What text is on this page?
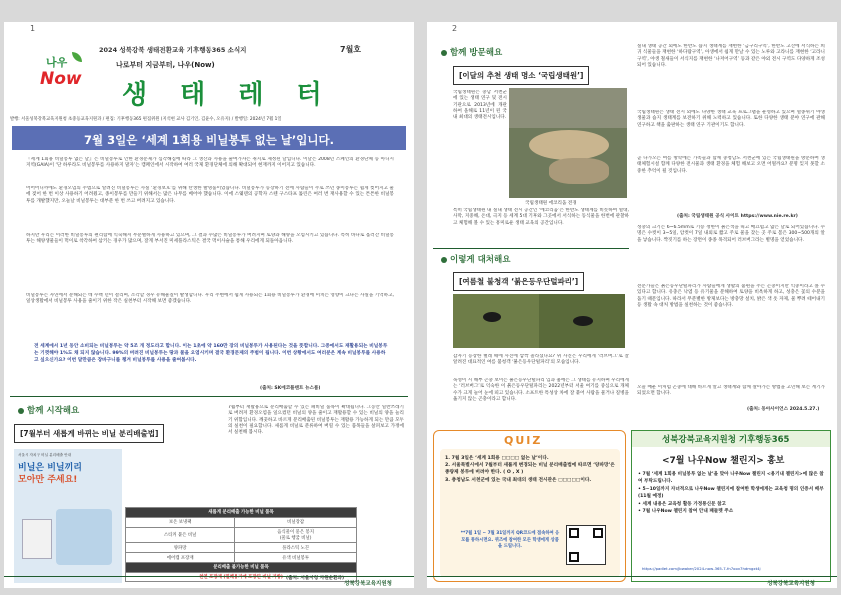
2024 성북강북 생태전환교육 기후행동365 소식지	7월호
나우
Now
나로부터 지금부터, 나우(Now)
생 태 레 터
발행: 서울성북강북교육지원청 초중등교육지원과 / 편집: 기후행동365 편집위원 (지석현 교사 김기인, 김윤수, 오유지) / 발행일: 2024년 7월 1일
7월 3일은 ‘세계 1회용 비닐봉투 없는 날’입니다.
『세계 1회용 비닐봉투 없는 날』은 비닐봉투로 인한 환경문제가 심각해짐에 따라 그 생산과 사용을 줄여가자는 취지로 제정된 날입니다. 이날은 2008년 스페인의 환경단체 등 아니시 지역(GAIA)이 ‘단 하루라도 비닐봉투를 사용하지 말자’는 캠페인에서 시작하여 여러 국제 환경단체에 의해 확대되어 현재까지 이어지고 있습니다.
어어어니까에도 환경오염의 주범으로 알려진 비닐봉투는 사실 ‘환경보호’를 위해 탄생한 발명품이었습니다. 비닐봉투가 등장하기 전에 사람들이 주로 쓰던 종이봉투는 쉽게 찢어지고 물에 젖어 한 번 이상 사용하기 어려웠고, 종이봉투를 만들기 위해서는 많은 나무를 베어야 했습니다. 이에 스웨덴의 공학자 스텐 구스타프 툴린은 여러 번 재사용할 수 있는 튼튼한 비닐봉투를 개발했지만, 오늘날 비닐봉투는 대부분 한 번 쓰고 버려지고 있습니다.
하지만 우리는 이러한 비닐봉투의 편리함에 익숙해져 무분별하게 사용하고 있으며, 그 결과 수많은 비닐봉투가 버려지며 토양과 해양을 오염시키고 있습니다. 특히 바다로 흘러간 비닐봉투는 해양생물들이 먹이로 착각하여 삼키는 경우가 많으며, 잘게 부서진 미세플라스틱은 결국 먹이사슬을 통해 우리에게 되돌아옵니다.
비닐봉투는 자연에서 분해되는 데 수백 년이 걸리며, 소각할 경우 유해물질이 발생합니다. 우리 주변에서 쉽게 사용되는 1회용 비닐봉투가 환경에 미치는 영향이 크다는 사실을 기억하고, 일상생활에서 비닐봉투 사용을 줄이기 위한 작은 실천부터 시작해 보면 좋겠습니다.
전 세계에서 1년 동안 소비되는 비닐봉투는 약 5조 개 정도라고 합니다. 이는 1초에 약 160만 장의 비닐봉투가 사용된다는 것을 뜻합니다. 그중에서도 재활용되는 비닐봉투는 기껏해야 1%도 채 되지 않습니다. 99%의 버려진 비닐봉투는 땅과 물을 오염시키며 결국 환경문제의 주범이 됩니다. 이번 상황에서도 여러분은 계속 비닐봉투를 사용하고 싶으신가요? 이번 달만큼은 장바구니를 챙겨 비닐봉투를 사용을 줄여봅시다.
(출처: SK에코플랜트 뉴스룸)
함께 시작해요
[7월부터 새롭게 바뀌는 비닐 분리배출법]
서울시 자치구 비닐 분리배출 안내
비닐은 비닐끼리
모아만 주세요!
7월부터 재활용으로 분리배출할 수 있는 폐비닐 품목이 확대됩니다. 그동안 일반쓰레기로 버려져 환경오염을 일으켰던 비닐의 양을 줄이고 재활용할 수 있는 비닐의 양을 늘리기 위함입니다. 깨끗하고 바르게 분리배출된 비닐봉투는 재활용 가능하게 되는 만큼 모두의 실천이 필요합니다. 새롭게 비닐로 분류하여 버릴 수 있는 품목들을 살펴보고 가정에서 실천해 봅시다.
새롭게 분리배출 가능한 비닐 품목	
보온 보냉팩	비닐장갑
스티커 붙은 비닐	음식물이 묻은 봉지
(물로 헹굼 비닐)
양파망	플라스틱 노끈
에어캡 포장재	유색 비닐봉투
분리배출 불가능한 비닐 품목	
천연 포장재 (밀폐용기에 포장된 비닐 가방)	(출처: 서울시청 자원순환과)
성북강북교육지원청
1
함께 방문해요
[이달의 추천 생태 명소 ‘국립생태원’]
국립생태원은 충남 서천군에 있는 생태 연구 및 전시기관으로 2013년에 개관하여 올해로 11년이 된 국내 최대의 생태전시입니다.
국립생태원 에코리움 전경
특히 국립생태원 내 실내 생태 전시 공간인 ‘에코리움’은 한반도 생태계를 비롯하여 열대, 사막, 지중해, 온대, 극지 등 세계 5대 기후와 그곳에서 서식하는 동식물을 한번에 관찰하고 체험해 볼 수 있는 흥미로운 생태 교육의 공간입니다.
이렇게 대처해요
[여름철 불청객 ‘붉은등우단털파리’]
갑자기 등장한 벌레 떼에 사진에 깜짝 놀라셨나요? 위 사진은 우리에게 ‘러브버그’로 잘 알려진 대표적인 여름 불청객 ‘붉은등우단털파리’의 모습입니다.
독성이 시 해부 곤충 보이는 붉은등우단털파리 입과 흉에는 그 생태를 유지하며 우리에게는 ‘러브버그’로 익숙한 이 붉은등우단털파리는 2022년부터 서울 여기를 중심으로 개체 수가 크게 늘어 눈에 띄고 있습니다. 소프트한 특성상 차에 잘 붙어 사람을 물거나 질병을 옮기지 않는 곤충이라고 합니다.
실내 생태 공간 외에도 한반도 습지 생태계를 재현한 ‘금구리구역’, 한반도 고산에 서식하는 희귀 식물들을 재현한 ‘하다람구역’, 아생에서 쉽게 만날 수 있는 노루와 고라니를 재현한 ‘고라니구역’, 야생 철새들이 서식지를 재현한 ‘나저어구역’ 등과 같은 야외 전시 구역도 다양하게 조성되어 있습니다.
국립생태원은 생태 전시 외에도 다양한 생태 교육 프로그램을 운영하고 있으며 멸종위기 야생생물과 습지 생태계를 보전하기 위해 노력하고 있습니다. 또한 다양한 생태 분야 연구에 관해 연구하고 책을 출판하는 생태 연구 기관이기도 합니다.
곧 다가오는 여름 방학에는 가족들과 함께 충청남도 서천군에 있는 국립생태원을 방문하여 생태체험시설 함께 다양한 전시물과 생태 환경을 체험 해보고 오면 어떨까요? 분명 잊지 못할 소중한 추억이 될 것입니다.
(출처: 국립생태원 공식 사이트 https://www.nie.re.kr)
성충의 크기는 6~6.5mm로 기승 정한이 붉은색을 띠고 매끄럽고 얇은 날로 되어있습니다. 수명은 수컷이 3~5일, 암컷이 7일 내외로 짧고 주로 물을 찾는 곳 주로 봄은 300~500개의 알을 낳습니다. 짝짓기를 하는 장면이 종종 목격되어 러브버그라는 별명을 얻었습니다.
전문가들은 붉은등우단털파리가 사람들에게 생활의 불편을 주는 곤충이지만 익충이라고 볼 수 있다고 합니다. 유충은 낙엽 등 유기물을 분해하여 토양을 비옥하게 하고, 성충은 꽃의 수분을 돕기 때문입니다. 따라서 무분별한 방제보다는 방충망 설치, 밝은 색 옷 자제, 물 뿌려 떼어내기 등 생활 속 대처 방법을 실천하는 것이 좋습니다.
오늘 배운 이처럼 곤충에 대해 바르게 알고 생태계와 함께 살아가는 방법을 고민해 보는 계기가 되었으면 합니다.
(출처: 동아사이언스 2024.5.27.)
QUIZ
1. 7월 3일은 ‘세계 1회용 □□□□ 없는 날’이다.
2. 서울특별시에서 7월부터 새롭게 변경되는 비닐 분리배출법에 따르면 ‘양파망’은 종량제 봉투에 버려야 한다. ( O , X )
3. 충청남도 서천군에 있는 국내 최대의 생태 전시관은 □□□□□이다.
**7월 1일 ~ 7월 31일까지 QR코드에 접속하여 응모를 통하시면요. 퀴즈에 참여한 모든 학생에게 상품을 드립니다.
성북강북교육지원청 기후행동365
<7월 나우Now 챌린지> 홍보
• 7월 ‘세계 1회용 비닐봉투 없는 날’을 맞아 나우Now 챌린지 <용기내 챌린지>에 많은 참여 부탁드립니다.
• 5~10일까지 자녀적으로 나우Now 챌린지에 참여한 학생에게는 교육청 명의 인증서 배부(11월 예정)
• 세계 내용은 교육청 활동 가정통신문 참고
• 7월 나우Now 챌린지 참여 안내 패들렛 주소
https://padlet.com/jbwaker/2024-now-365-7-fn7oov7hdmgxt4j
성북강북교육지원청
2
